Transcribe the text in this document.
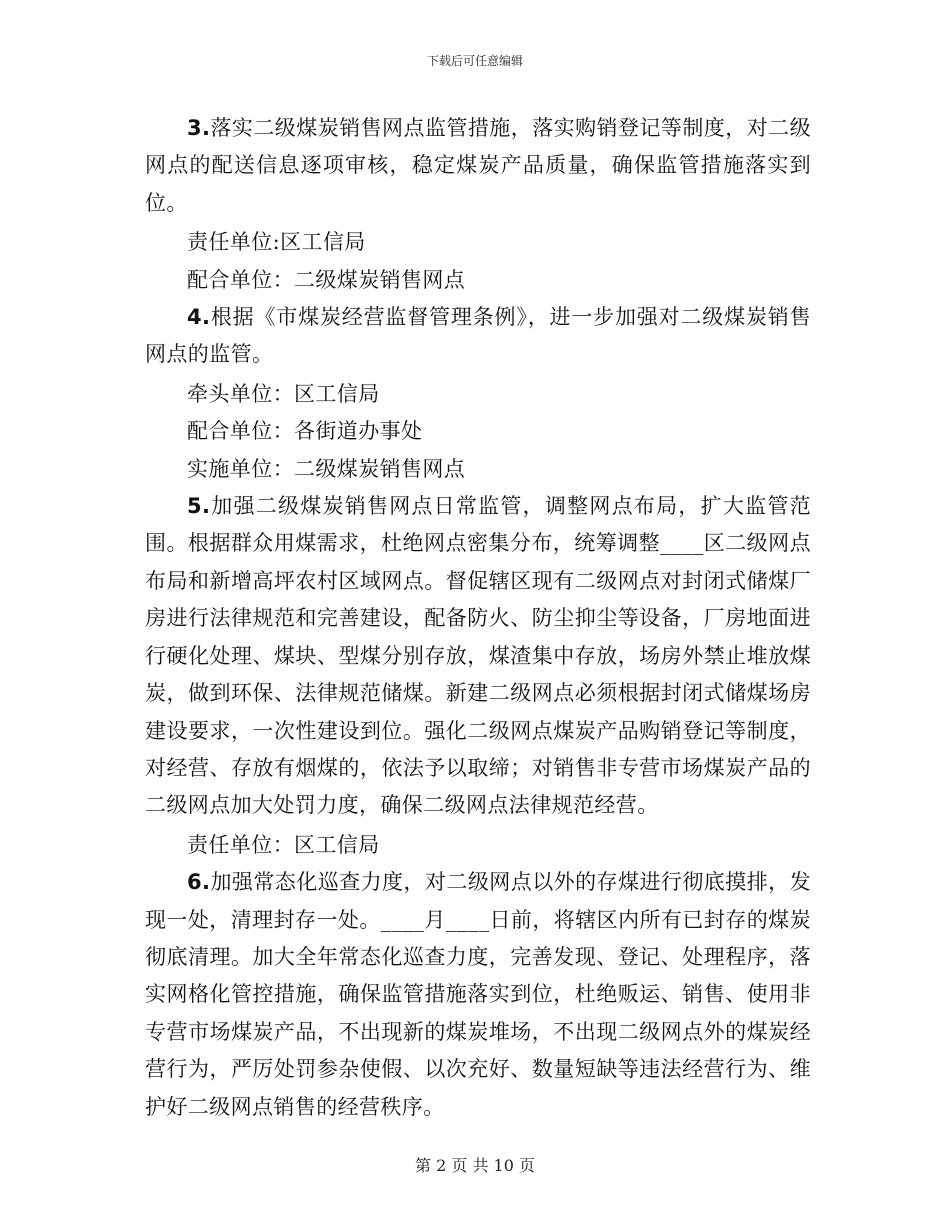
下载后可任意编辑
3.落实二级煤炭销售网点监管措施，落实购销登记等制度，对二级网点的配送信息逐项审核，稳定煤炭产品质量，确保监管措施落实到位。
责任单位:区工信局
配合单位：二级煤炭销售网点
4.根据《市煤炭经营监督管理条例》，进一步加强对二级煤炭销售网点的监管。
牵头单位：区工信局
配合单位：各街道办事处
实施单位：二级煤炭销售网点
5.加强二级煤炭销售网点日常监管，调整网点布局，扩大监管范围。根据群众用煤需求，杜绝网点密集分布，统筹调整____区二级网点布局和新增高坪农村区域网点。督促辖区现有二级网点对封闭式储煤厂房进行法律规范和完善建设，配备防火、防尘抑尘等设备，厂房地面进行硬化处理、煤块、型煤分别存放，煤渣集中存放，场房外禁止堆放煤炭，做到环保、法律规范储煤。新建二级网点必须根据封闭式储煤场房建设要求，一次性建设到位。强化二级网点煤炭产品购销登记等制度，对经营、存放有烟煤的，依法予以取缔；对销售非专营市场煤炭产品的二级网点加大处罚力度，确保二级网点法律规范经营。
责任单位：区工信局
6.加强常态化巡查力度，对二级网点以外的存煤进行彻底摸排，发现一处，清理封存一处。____月____日前，将辖区内所有已封存的煤炭彻底清理。加大全年常态化巡查力度，完善发现、登记、处理程序，落实网格化管控措施，确保监管措施落实到位，杜绝贩运、销售、使用非专营市场煤炭产品，不出现新的煤炭堆场，不出现二级网点外的煤炭经营行为，严厉处罚参杂使假、以次充好、数量短缺等违法经营行为、维护好二级网点销售的经营秩序。
第 2 页 共 10 页
